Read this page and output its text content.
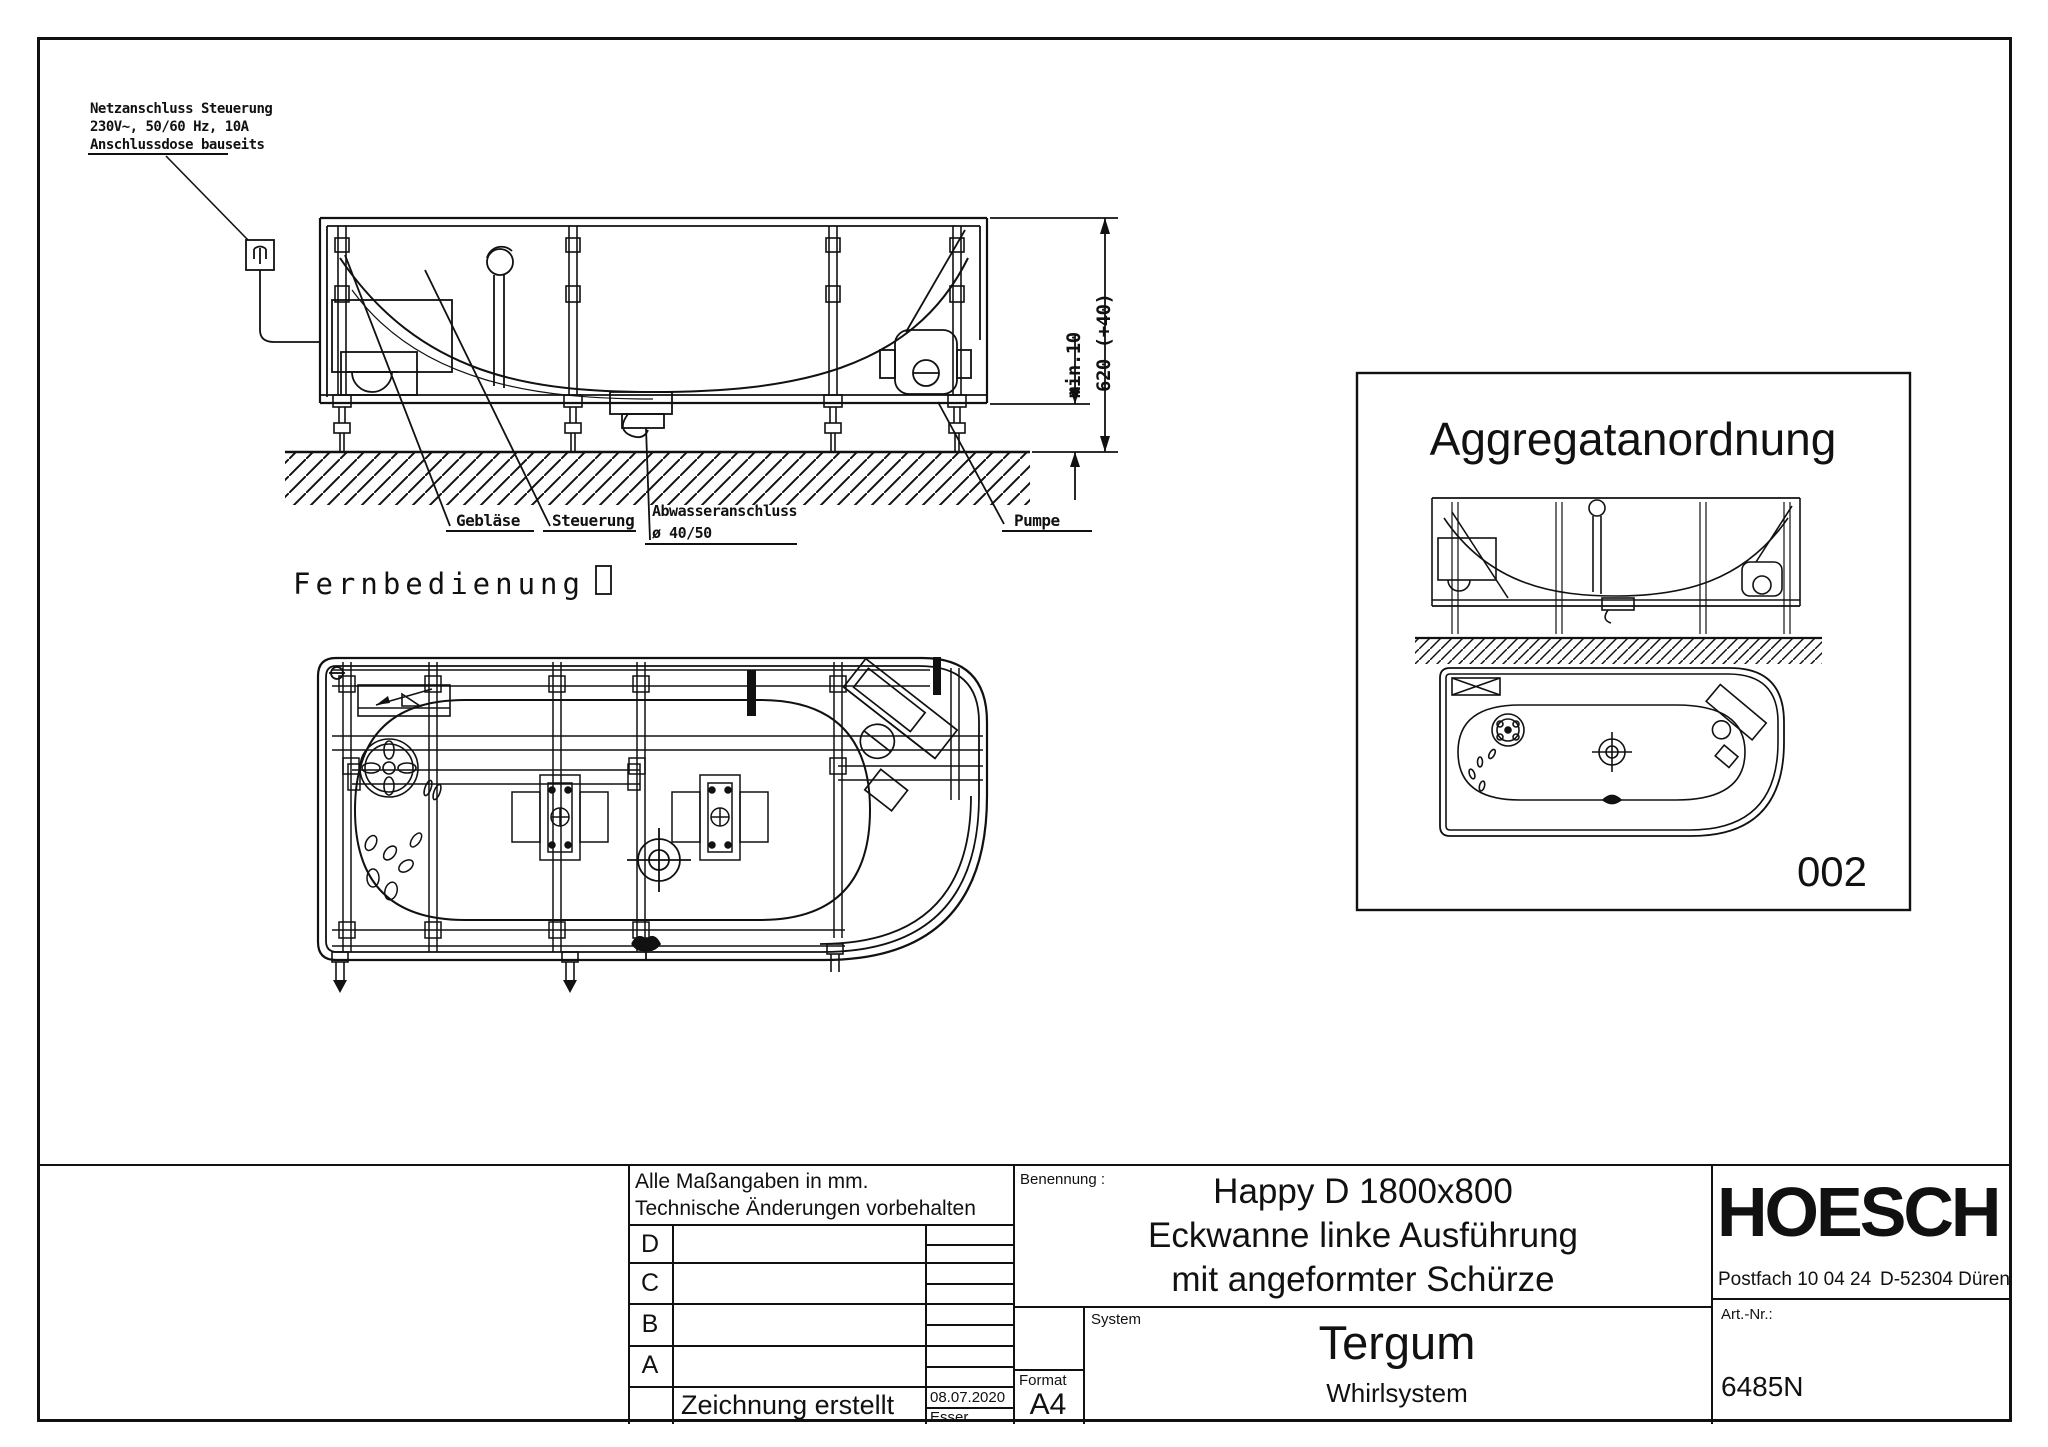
Netzanschluss Steuerung
230V~, 50/60 Hz, 10A
Anschlussdose bauseits
Gebläse Steuerung Abwasseranschluss
ø 40/50
Pumpe
min.10 620 (+40)
Fernbedienung
Aggregatanordnung
002
Alle Maßangaben in mm.
Technische Änderungen vorbehalten
D
C
B
A
Zeichnung erstellt 08.07.2020
Esser
Benennung :	Happy D 1800x800
Eckwanne linke Ausführung
mit angeformter Schürze
Format
A4
System	Tergum
Whirlsystem
HOESCH
Postfach 10 04 24 D-52304 Düren
Art.-Nr.:
6485N
